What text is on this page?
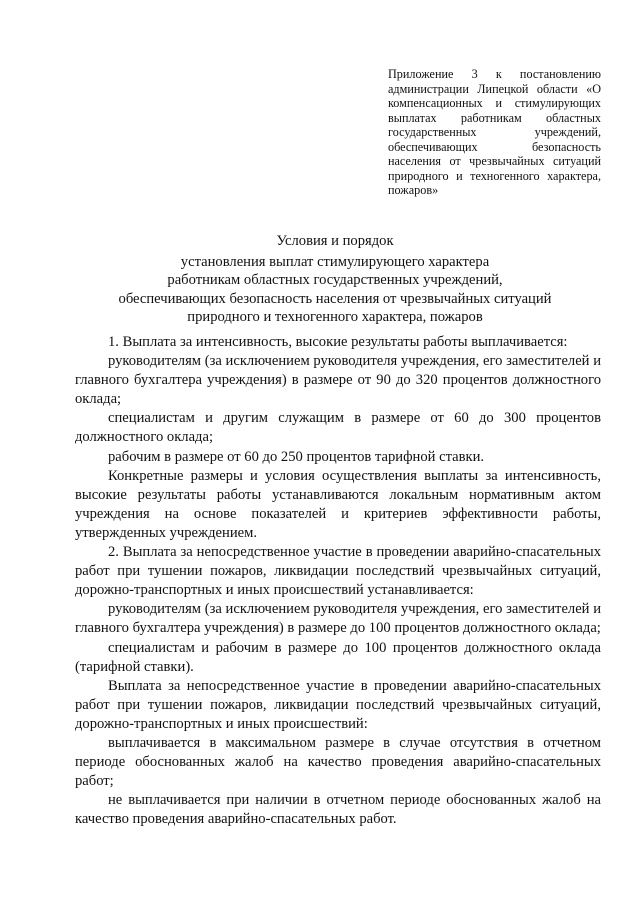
Приложение 3 к постановлению администрации Липецкой области «О компенсационных и стимулирующих выплатах работникам областных государственных учреждений, обеспечивающих безопасность населения от чрезвычайных ситуаций природного и техногенного характера, пожаров»

Условия и порядок
установления выплат стимулирующего характера
работникам областных государственных учреждений,
обеспечивающих безопасность населения от чрезвычайных ситуаций
природного и техногенного характера, пожаров

1. Выплата за интенсивность, высокие результаты работы выплачивается:

руководителям (за исключением руководителя учреждения, его заместителей и главного бухгалтера учреждения) в размере от 90 до 320 процентов должностного оклада;

специалистам и другим служащим в размере от 60 до 300 процентов должностного оклада;

рабочим в размере от 60 до 250 процентов тарифной ставки.

Конкретные размеры и условия осуществления выплаты за интенсивность, высокие результаты работы устанавливаются локальным нормативным актом учреждения на основе показателей и критериев эффективности работы, утвержденных учреждением.

2. Выплата за непосредственное участие в проведении аварийно-спасательных работ при тушении пожаров, ликвидации последствий чрезвычайных ситуаций, дорожно-транспортных и иных происшествий устанавливается:

руководителям (за исключением руководителя учреждения, его заместителей и главного бухгалтера учреждения) в размере до 100 процентов должностного оклада;

специалистам и рабочим в размере до 100 процентов должностного оклада (тарифной ставки).

Выплата за непосредственное участие в проведении аварийно-спасательных работ при тушении пожаров, ликвидации последствий чрезвычайных ситуаций, дорожно-транспортных и иных происшествий:

выплачивается в максимальном размере в случае отсутствия в отчетном периоде обоснованных жалоб на качество проведения аварийно-спасательных работ;

не выплачивается при наличии в отчетном периоде обоснованных жалоб на качество проведения аварийно-спасательных работ.
